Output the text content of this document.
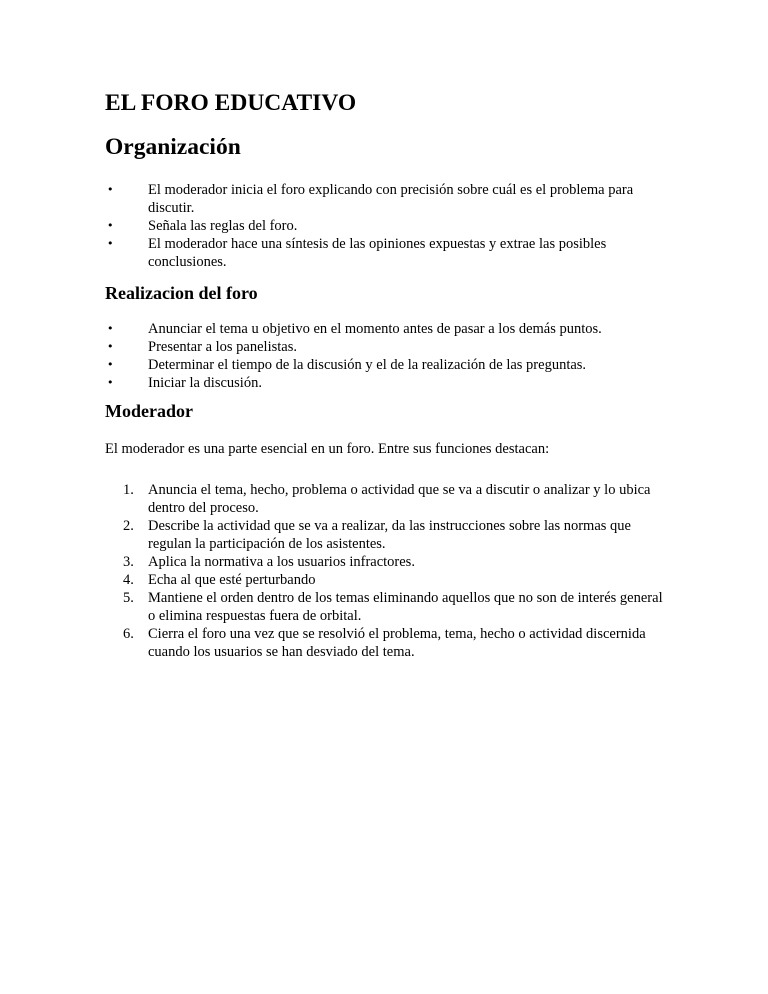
EL FORO EDUCATIVO
Organización
• El moderador inicia el foro explicando con precisión sobre cuál es el problema para discutir.
• Señala las reglas del foro.
• El moderador hace una síntesis de las opiniones expuestas y extrae las posibles conclusiones.
Realizacion del foro
• Anunciar el tema u objetivo en el momento antes de pasar a los demás puntos.
• Presentar a los panelistas.
• Determinar el tiempo de la discusión y el de la realización de las preguntas.
• Iniciar la discusión.
Moderador

El moderador es una parte esencial en un foro. Entre sus funciones destacan:

1. Anuncia el tema, hecho, problema o actividad que se va a discutir o analizar y lo ubica dentro del proceso.
2. Describe la actividad que se va a realizar, da las instrucciones sobre las normas que regulan la participación de los asistentes.
3. Aplica la normativa a los usuarios infractores.
4. Echa al que esté perturbando
5. Mantiene el orden dentro de los temas eliminando aquellos que no son de interés general o elimina respuestas fuera de orbital.
6. Cierra el foro una vez que se resolvió el problema, tema, hecho o actividad discernida cuando los usuarios se han desviado del tema.
